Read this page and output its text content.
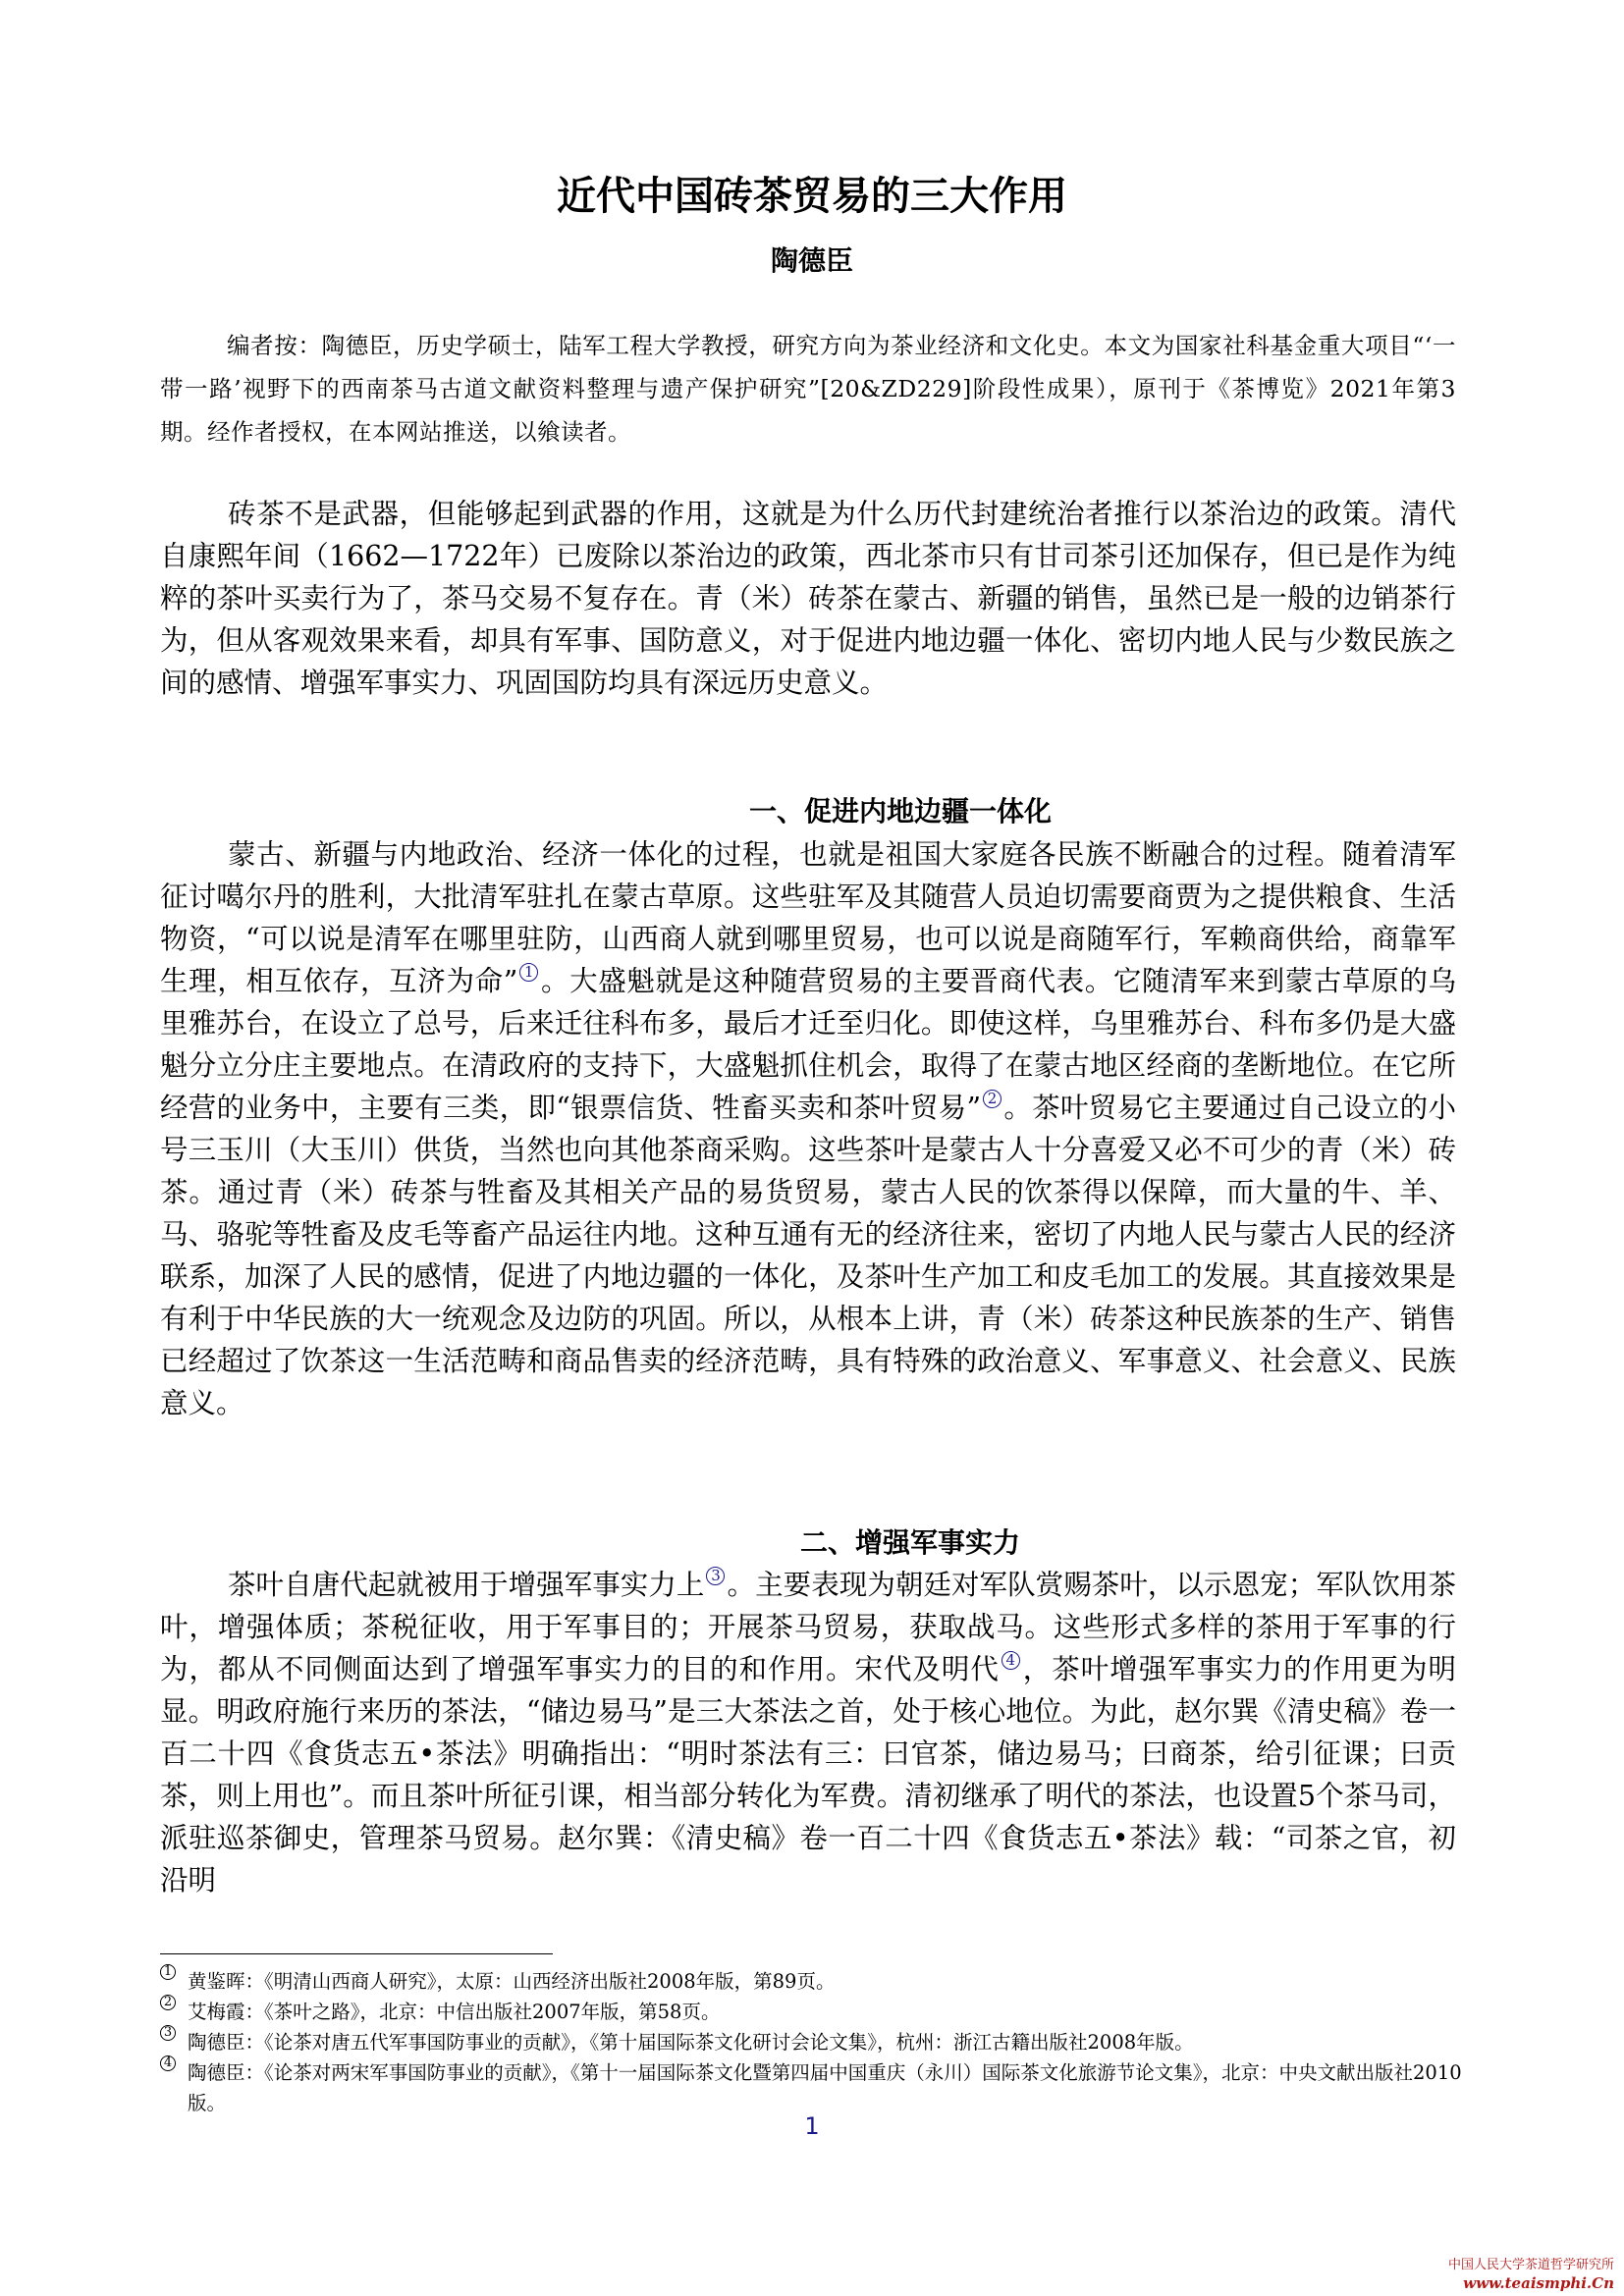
近代中国砖茶贸易的三大作用
陶德臣
编者按：陶德臣，历史学硕士，陆军工程大学教授，研究方向为茶业经济和文化史。本文为国家社科基金重大项目“‘一带一路’视野下的西南茶马古道文献资料整理与遗产保护研究”[20&ZD229]阶段性成果），原刊于《茶博览》2021年第3期。经作者授权，在本网站推送，以飨读者。

砖茶不是武器，但能够起到武器的作用，这就是为什么历代封建统治者推行以茶治边的政策。清代自康熙年间（1662—1722年）已废除以茶治边的政策，西北茶市只有甘司茶引还加保存，但已是作为纯粹的茶叶买卖行为了，茶马交易不复存在。青（米）砖茶在蒙古、新疆的销售，虽然已是一般的边销茶行为，但从客观效果来看，却具有军事、国防意义，对于促进内地边疆一体化、密切内地人民与少数民族之间的感情、增强军事实力、巩固国防均具有深远历史意义。

一、促进内地边疆一体化

蒙古、新疆与内地政治、经济一体化的过程，也就是祖国大家庭各民族不断融合的过程。随着清军征讨噶尔丹的胜利，大批清军驻扎在蒙古草原。这些驻军及其随营人员迫切需要商贾为之提供粮食、生活物资，“可以说是清军在哪里驻防，山西商人就到哪里贸易，也可以说是商随军行，军赖商供给，商靠军生理，相互依存，互济为命” $^1$ 。大盛魁就是这种随营贸易的主要晋商代表。它随清军来到蒙古草原的乌里雅苏台，在设立了总号，后来迁往科布多，最后才迁至归化。即使这样，乌里雅苏台、科布多仍是大盛魁分立分庄主要地点。在清政府的支持下，大盛魁抓住机会，取得了在蒙古地区经商的垄断地位。在它所经营的业务中，主要有三类，即“银票信货、牲畜买卖和茶叶贸易” $^2$ 。茶叶贸易它主要通过自己设立的小号三玉川（大玉川）供货，当然也向其他茶商采购。这些茶叶是蒙古人十分喜爱又必不可少的青（米）砖茶。通过青（米）砖茶与牲畜及其相关产品的易货贸易，蒙古人民的饮茶得以保障，而大量的牛、羊、马、骆驼等牲畜及皮毛等畜产品运往内地。这种互通有无的经济往来，密切了内地人民与蒙古人民的经济联系，加深了人民的感情，促进了内地边疆的一体化，及茶叶生产加工和皮毛加工的发展。其直接效果是有利于中华民族的大一统观念及边防的巩固。所以，从根本上讲，青（米）砖茶这种民族茶的生产、销售已经超过了饮茶这一生活范畴和商品售卖的经济范畴，具有特殊的政治意义、军事意义、社会意义、民族意义。

二、增强军事实力

茶叶自唐代起就被用于增强军事实力上 $^3$ 。主要表现为朝廷对军队赏赐茶叶，以示恩宠；军队饮用茶叶，增强体质；茶税征收，用于军事目的；开展茶马贸易，获取战马。这些形式多样的茶用于军事的行为，都从不同侧面达到了增强军事实力的目的和作用。宋代及明代 $^4$ ，茶叶增强军事实力的作用更为明显。明政府施行来历的茶法，“储边易马”是三大茶法之首，处于核心地位。为此，赵尔巽《清史稿》卷一百二十四《食货志五•茶法》明确指出：“明时茶法有三：曰官茶，储边易马；曰商茶，给引征课；曰贡茶，则上用也”。而且茶叶所征引课，相当部分转化为军费。清初继承了明代的茶法，也设置5个茶马司，派驻巡茶御史，管理茶马贸易。赵尔巽：《清史稿》卷一百二十四《食货志五•茶法》载：“司茶之官，初沿明

1 黄鉴晖：《明清山西商人研究》，太原：山西经济出版社2008年版，第89页。

2 艾梅霞：《茶叶之路》，北京：中信出版社2007年版，第58页。

3 陶德臣：《论茶对唐五代军事国防事业的贡献》，《第十届国际茶文化研讨会论文集》，杭州：浙江古籍出版社2008年版。

4 陶德臣：《论茶对两宋军事国防事业的贡献》，《第十一届国际茶文化暨第四届中国重庆（永川）国际茶文化旅游节论文集》，北京：中央文献出版社2010版。

1
中国人民大学茶道哲学研究所
www.teaismphi.Cn
